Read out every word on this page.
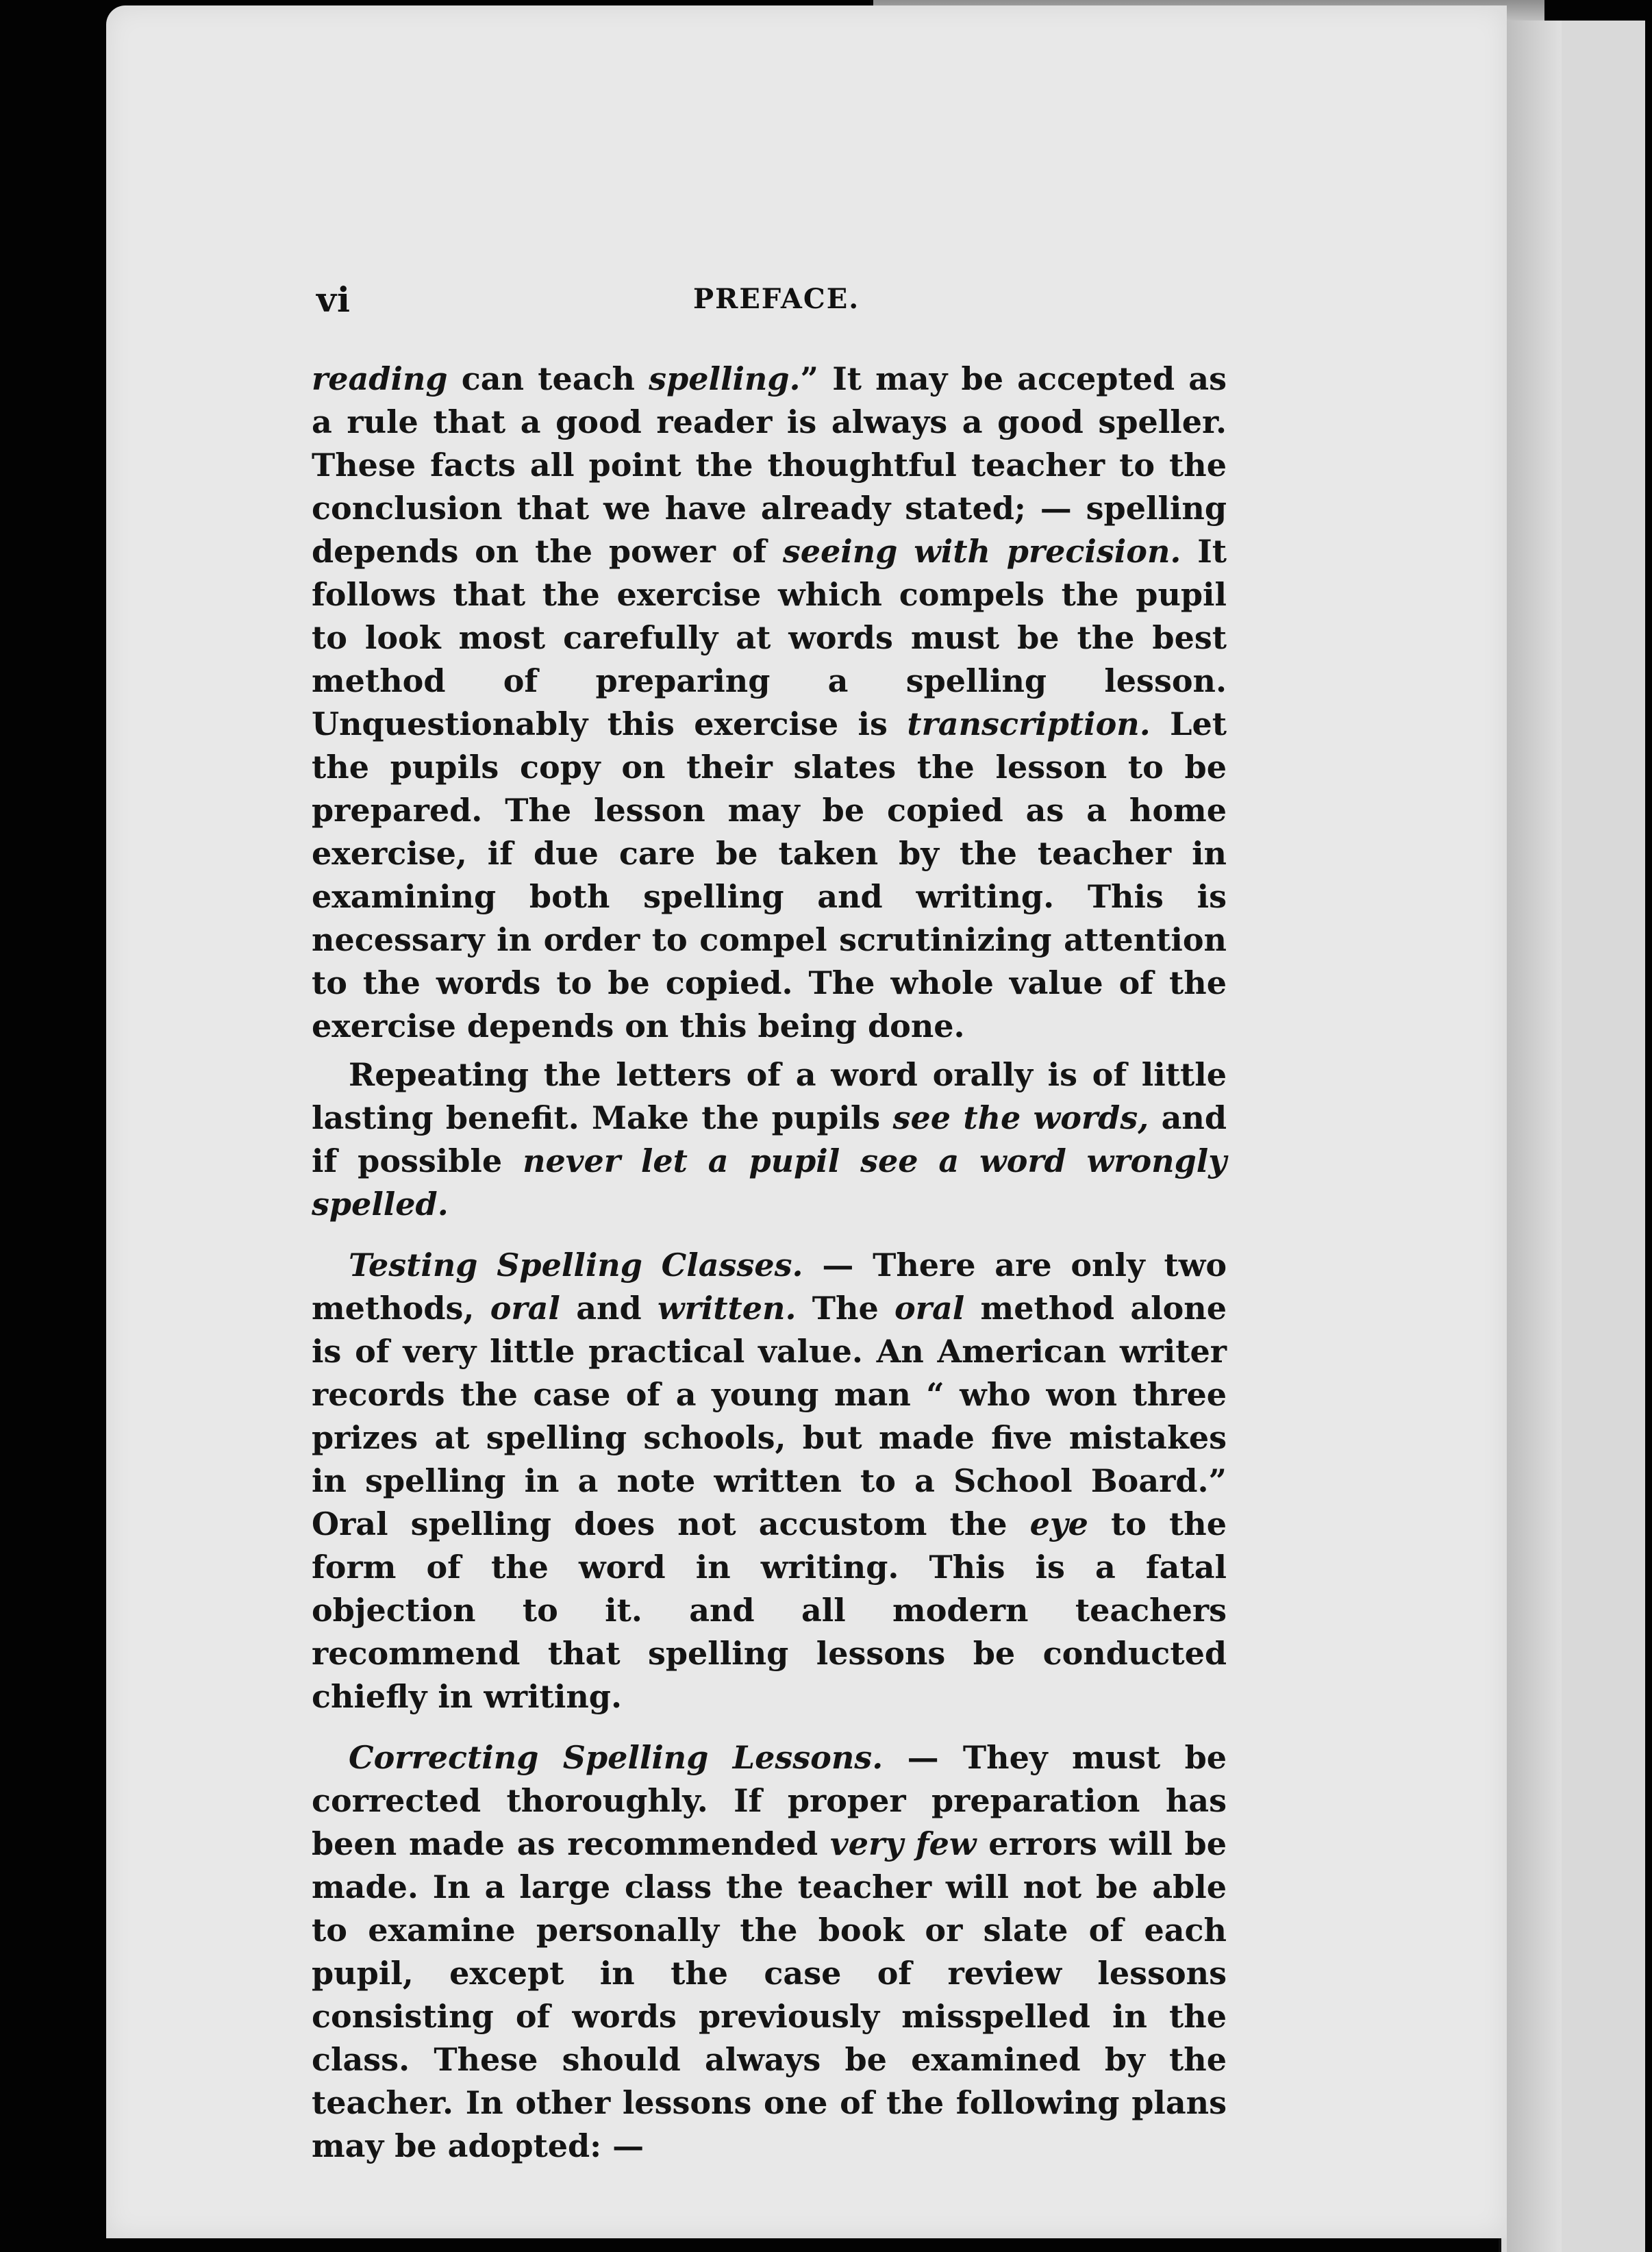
vi	PREFACE.

reading can teach spelling.” It may be accepted as a rule that a good reader is always a good speller. These facts all point the thoughtful teacher to the conclusion that we have already stated; — spelling depends on the power of seeing with precision. It follows that the exercise which compels the pupil to look most carefully at words must be the best method of preparing a spelling lesson. Unquestionably this exercise is transcription. Let the pupils copy on their slates the lesson to be prepared. The lesson may be copied as a home exercise, if due care be taken by the teacher in examining both spelling and writing. This is necessary in order to compel scrutinizing attention to the words to be copied. The whole value of the exercise depends on this being done.

Repeating the letters of a word orally is of little lasting benefit. Make the pupils see the words, and if possible never let a pupil see a word wrongly spelled.

Testing Spelling Classes. — There are only two methods, oral and written. The oral method alone is of very little practical value. An American writer records the case of a young man “ who won three prizes at spelling schools, but made five mistakes in spelling in a note written to a School Board.” Oral spelling does not accustom the eye to the form of the word in writing. This is a fatal objection to it. and all modern teachers recommend that spelling lessons be conducted chiefly in writing.

Correcting Spelling Lessons. — They must be corrected thoroughly. If proper preparation has been made as recommended very few errors will be made. In a large class the teacher will not be able to examine personally the book or slate of each pupil, except in the case of review lessons consisting of words previously misspelled in the class. These should always be examined by the teacher. In other lessons one of the following plans may be adopted: —
